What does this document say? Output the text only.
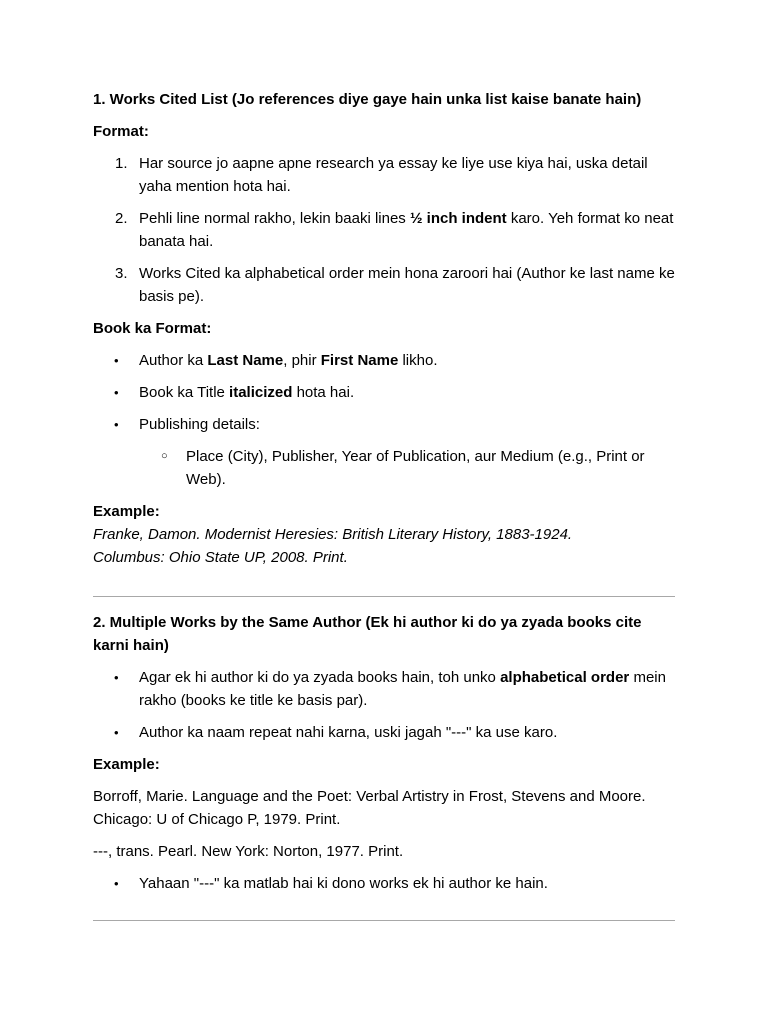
1. Works Cited List (Jo references diye gaye hain unka list kaise banate hain)

Format:

1. Har source jo aapne apne research ya essay ke liye use kiya hai, uska detail yaha mention hota hai.
2. Pehli line normal rakho, lekin baaki lines ½ inch indent karo. Yeh format ko neat banata hai.
3. Works Cited ka alphabetical order mein hona zaroori hai (Author ke last name ke basis pe).

Book ka Format:

• Author ka Last Name, phir First Name likho.
• Book ka Title italicized hota hai.
• Publishing details:
○ Place (City), Publisher, Year of Publication, aur Medium (e.g., Print or Web).

Example:

Franke, Damon. Modernist Heresies: British Literary History, 1883-1924.
Columbus: Ohio State UP, 2008. Print.

2. Multiple Works by the Same Author (Ek hi author ki do ya zyada books cite karni hain)

• Agar ek hi author ki do ya zyada books hain, toh unko alphabetical order mein rakho (books ke title ke basis par).
• Author ka naam repeat nahi karna, uski jagah "---" ka use karo.

Example:

Borroff, Marie. Language and the Poet: Verbal Artistry in Frost, Stevens and Moore. Chicago: U of Chicago P, 1979. Print.

---, trans. Pearl. New York: Norton, 1977. Print.

• Yahaan "---" ka matlab hai ki dono works ek hi author ke hain.
